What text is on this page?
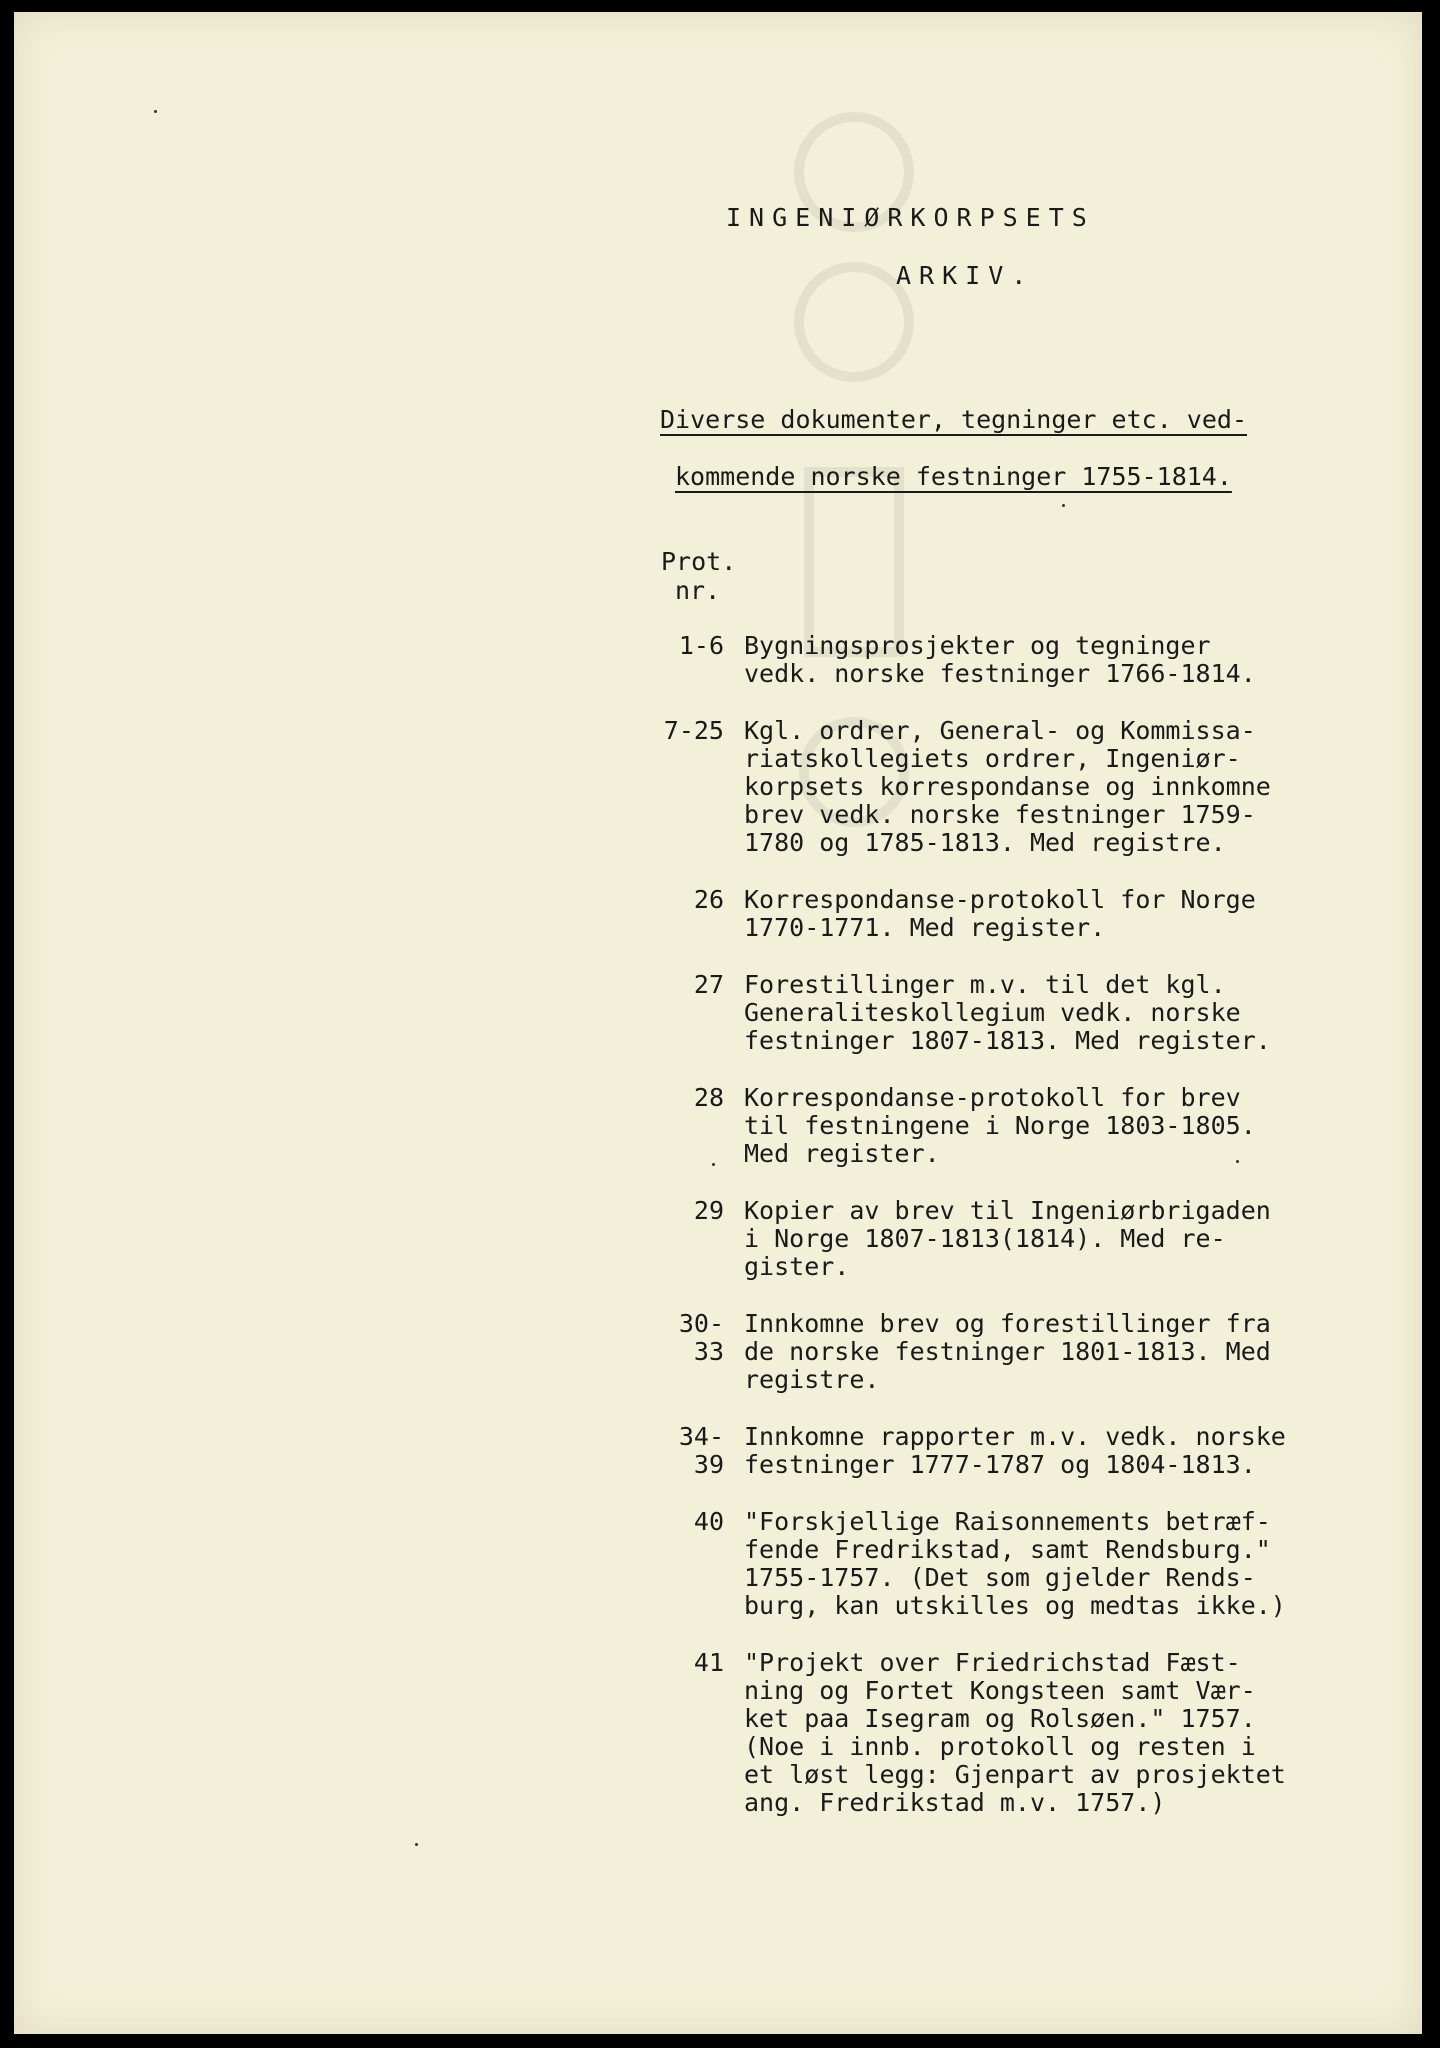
INGENIØRKORPSETS
ARKIV.
Diverse dokumenter, tegninger etc. ved-
kommende norske festninger 1755-1814.
Prot.
nr.
1-6 Bygningsprosjekter og tegninger
vedk. norske festninger 1766-1814.
7-25 Kgl. ordrer, General- og Kommissa-
riatskollegiets ordrer, Ingeniør-
korpsets korrespondanse og innkomne
brev vedk. norske festninger 1759-
1780 og 1785-1813. Med registre.
26 Korrespondanse-protokoll for Norge
1770-1771. Med register.
27 Forestillinger m.v. til det kgl.
Generaliteskollegium vedk. norske
festninger 1807-1813. Med register.
28 Korrespondanse-protokoll for brev
til festningene i Norge 1803-1805.
Med register.
29 Kopier av brev til Ingeniørbrigaden
i Norge 1807-1813(1814). Med re-
gister.
30-33
Innkomne brev og forestillinger fra
de norske festninger 1801-1813. Med
registre.
34-39
Innkomne rapporter m.v. vedk. norske
festninger 1777-1787 og 1804-1813.
40 "Forskjellige Raisonnements betræf-
fende Fredrikstad, samt Rendsburg."
1755-1757. (Det som gjelder Rends-
burg, kan utskilles og medtas ikke.)
41 "Projekt over Friedrichstad Fæst-
ning og Fortet Kongsteen samt Vær-
ket paa Isegram og Rolsøen." 1757.
(Noe i innb. protokoll og resten i
et løst legg: Gjenpart av prosjektet
ang. Fredrikstad m.v. 1757.)
